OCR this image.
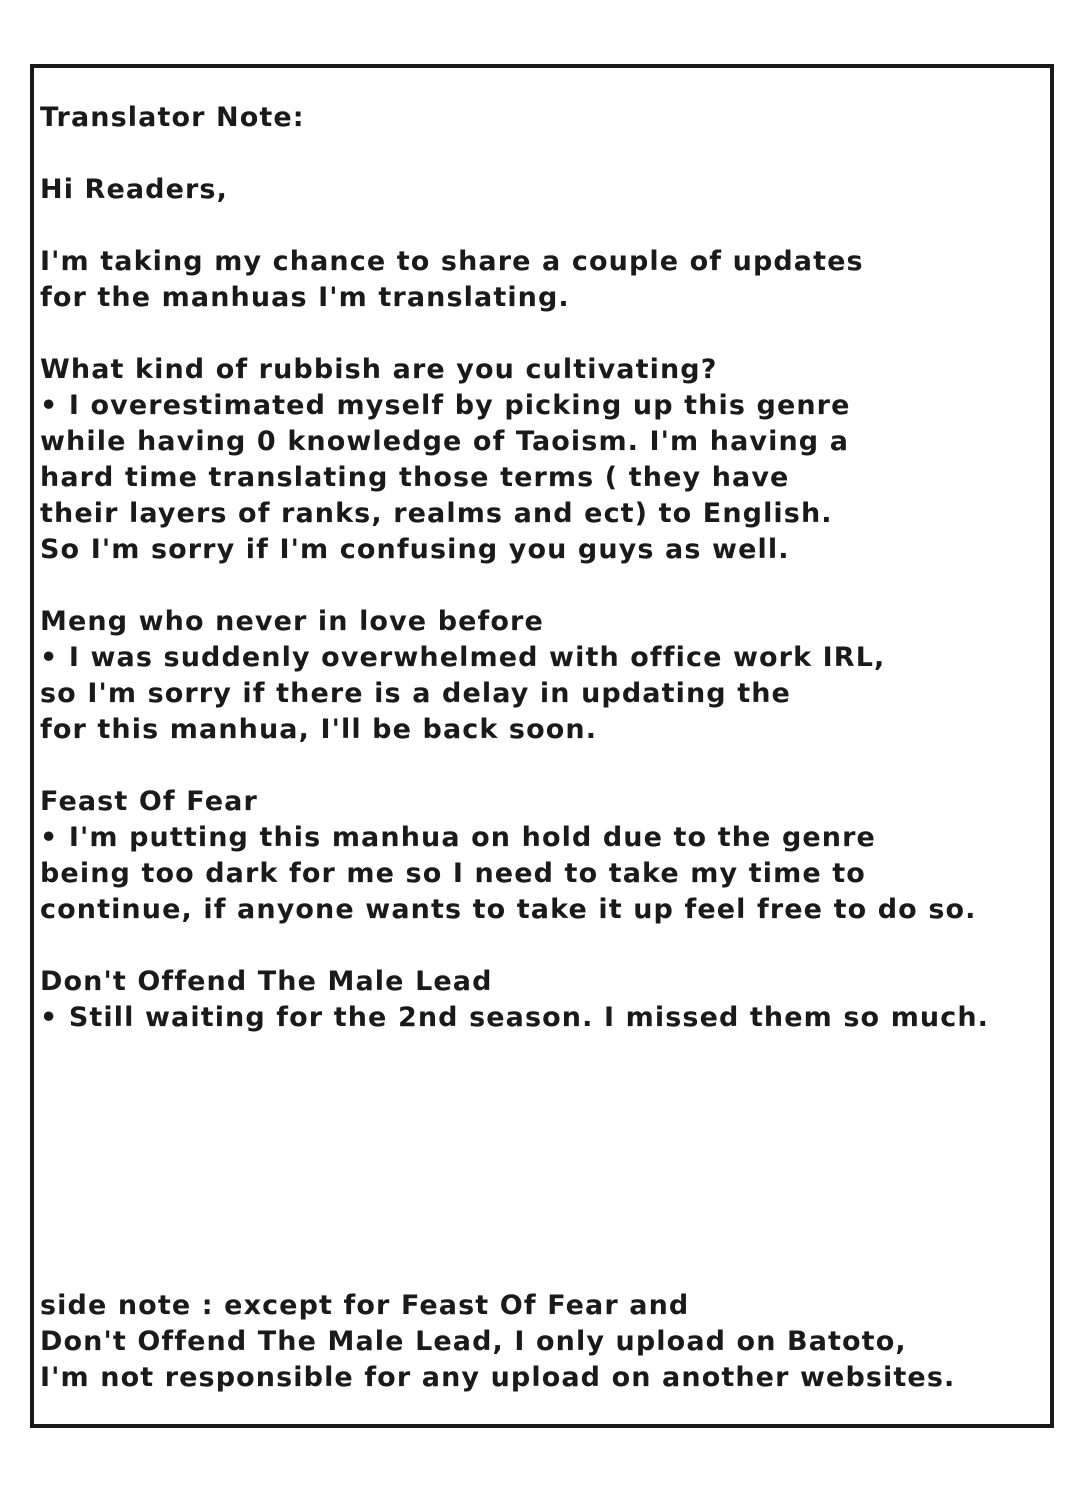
Translator Note:

Hi Readers,

I'm taking my chance to share a couple of updates

for the manhuas I'm translating.

What kind of rubbish are you cultivating?

• I overestimated myself by picking up this genre

while having 0 knowledge of Taoism. I'm having a

hard time translating those terms ( they have

their layers of ranks, realms and ect) to English.

So I'm sorry if I'm confusing you guys as well.

Meng who never in love before

• I was suddenly overwhelmed with office work IRL,

so I'm sorry if there is a delay in updating the

for this manhua, I'll be back soon.

Feast Of Fear

• I'm putting this manhua on hold due to the genre

being too dark for me so I need to take my time to

continue, if anyone wants to take it up feel free to do so.

Don't Offend The Male Lead

• Still waiting for the 2nd season. I missed them so much.

side note : except for Feast Of Fear and

Don't Offend The Male Lead, I only upload on Batoto,

I'm not responsible for any upload on another websites.
